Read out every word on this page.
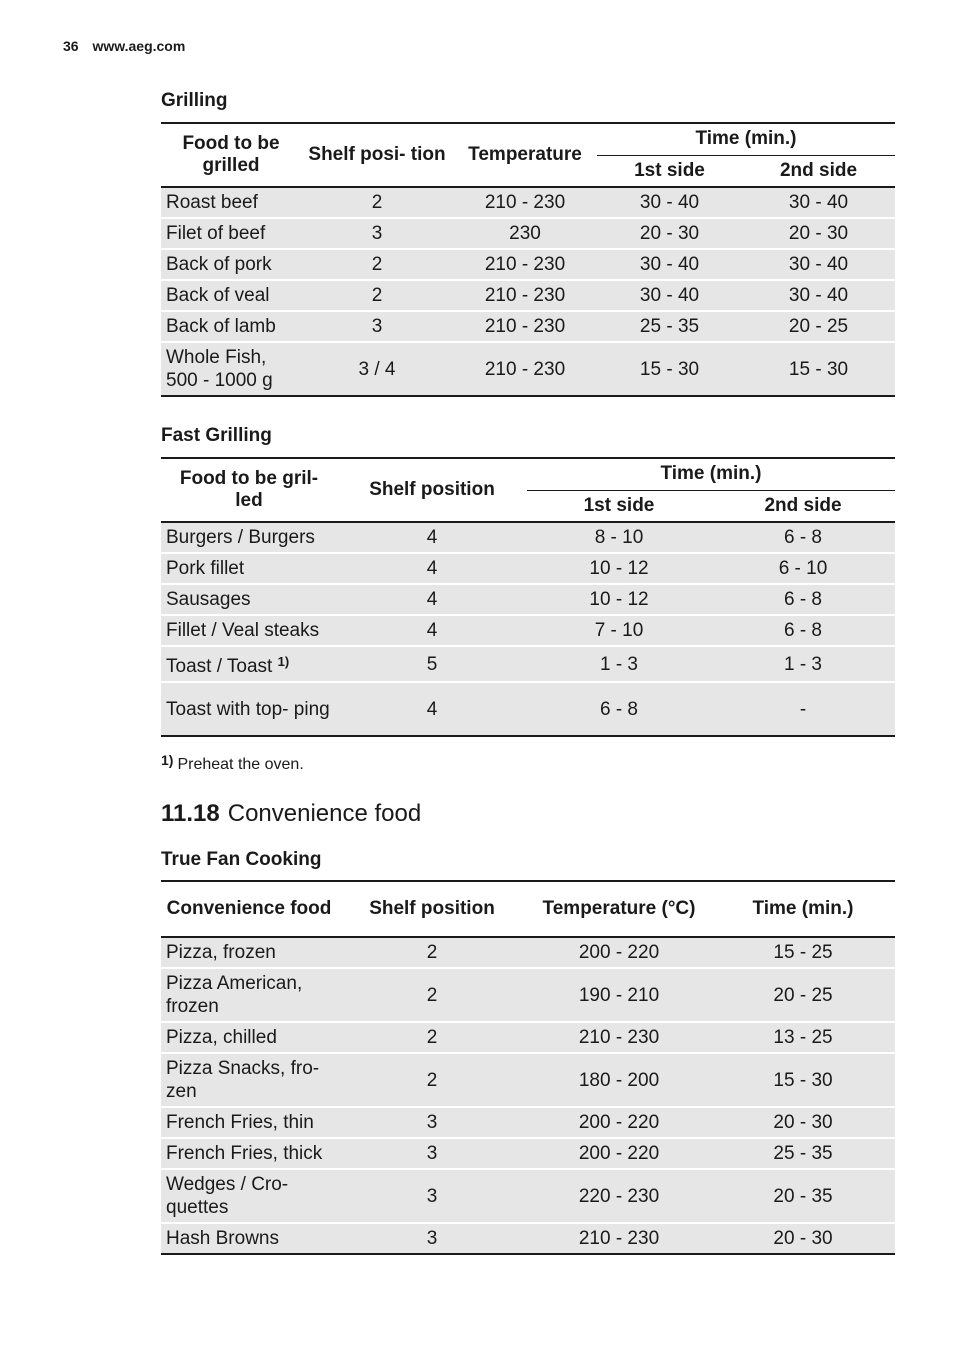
36 www.aeg.com
Grilling
Food to be grilled	Shelf posi- tion	Temperature	Time (min.)	
			1st side	2nd side
Roast beef	2	210 - 230	30 - 40	30 - 40
Filet of beef	3	230	20 - 30	20 - 30
Back of pork	2	210 - 230	30 - 40	30 - 40
Back of veal	2	210 - 230	30 - 40	30 - 40
Back of lamb	3	210 - 230	25 - 35	20 - 25
Whole Fish, 500 - 1000 g	3 / 4	210 - 230	15 - 30	15 - 30
Fast Grilling
Food to be gril- led	Shelf position	Time (min.)	
		1st side	2nd side
Burgers / Burgers	4	8 - 10	6 - 8
Pork fillet	4	10 - 12	6 - 10
Sausages	4	10 - 12	6 - 8
Fillet / Veal steaks	4	7 - 10	6 - 8
Toast / Toast $^{1)}$	5	1 - 3	1 - 3
Toast with top- ping	4	6 - 8	-
1) Preheat the oven.
11.18 Convenience food
True Fan Cooking
Convenience food	Shelf position	Temperature (°C)	Time (min.)
Pizza, frozen	2	200 - 220	15 - 25
Pizza American, frozen	2	190 - 210	20 - 25
Pizza, chilled	2	210 - 230	13 - 25
Pizza Snacks, fro- zen	2	180 - 200	15 - 30
French Fries, thin	3	200 - 220	20 - 30
French Fries, thick	3	200 - 220	25 - 35
Wedges / Cro- quettes	3	220 - 230	20 - 35
Hash Browns	3	210 - 230	20 - 30
